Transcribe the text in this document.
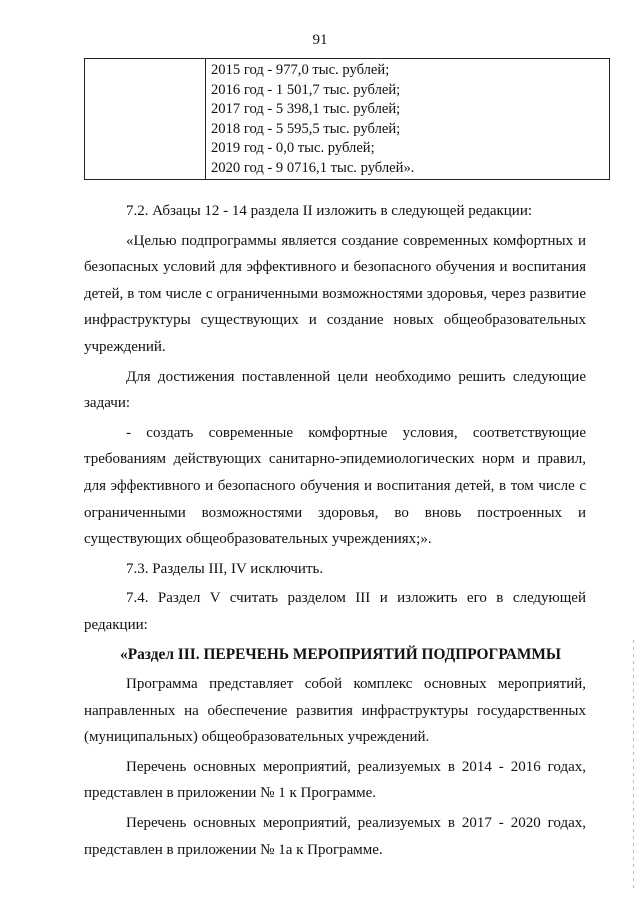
91

2015 год - 977,0 тыс. рублей;
2016 год - 1 501,7 тыс. рублей;
2017 год - 5 398,1 тыс. рублей;
2018 год - 5 595,5 тыс. рублей;
2019 год - 0,0 тыс. рублей;
2020 год - 9 0716,1 тыс. рублей».

7.2. Абзацы 12 - 14 раздела II изложить в следующей редакции:

«Целью подпрограммы является создание современных комфортных и безопасных условий для эффективного и безопасного обучения и воспитания детей, в том числе с ограниченными возможностями здоровья, через развитие инфраструктуры существующих и создание новых общеобразовательных учреждений.

Для достижения поставленной цели необходимо решить следующие задачи:

- создать современные комфортные условия, соответствующие требованиям действующих санитарно-эпидемиологических норм и правил, для эффективного и безопасного обучения и воспитания детей, в том числе с ограниченными возможностями здоровья, во вновь построенных и существующих общеобразовательных учреждениях;».

7.3. Разделы III, IV исключить.

7.4. Раздел V считать разделом III и изложить его в следующей редакции:

«Раздел III. ПЕРЕЧЕНЬ МЕРОПРИЯТИЙ ПОДПРОГРАММЫ

Программа представляет собой комплекс основных мероприятий, направленных на обеспечение развития инфраструктуры государственных (муниципальных) общеобразовательных учреждений.

Перечень основных мероприятий, реализуемых в 2014 - 2016 годах, представлен в приложении № 1 к Программе.

Перечень основных мероприятий, реализуемых в 2017 - 2020 годах, представлен в приложении № 1а к Программе.
